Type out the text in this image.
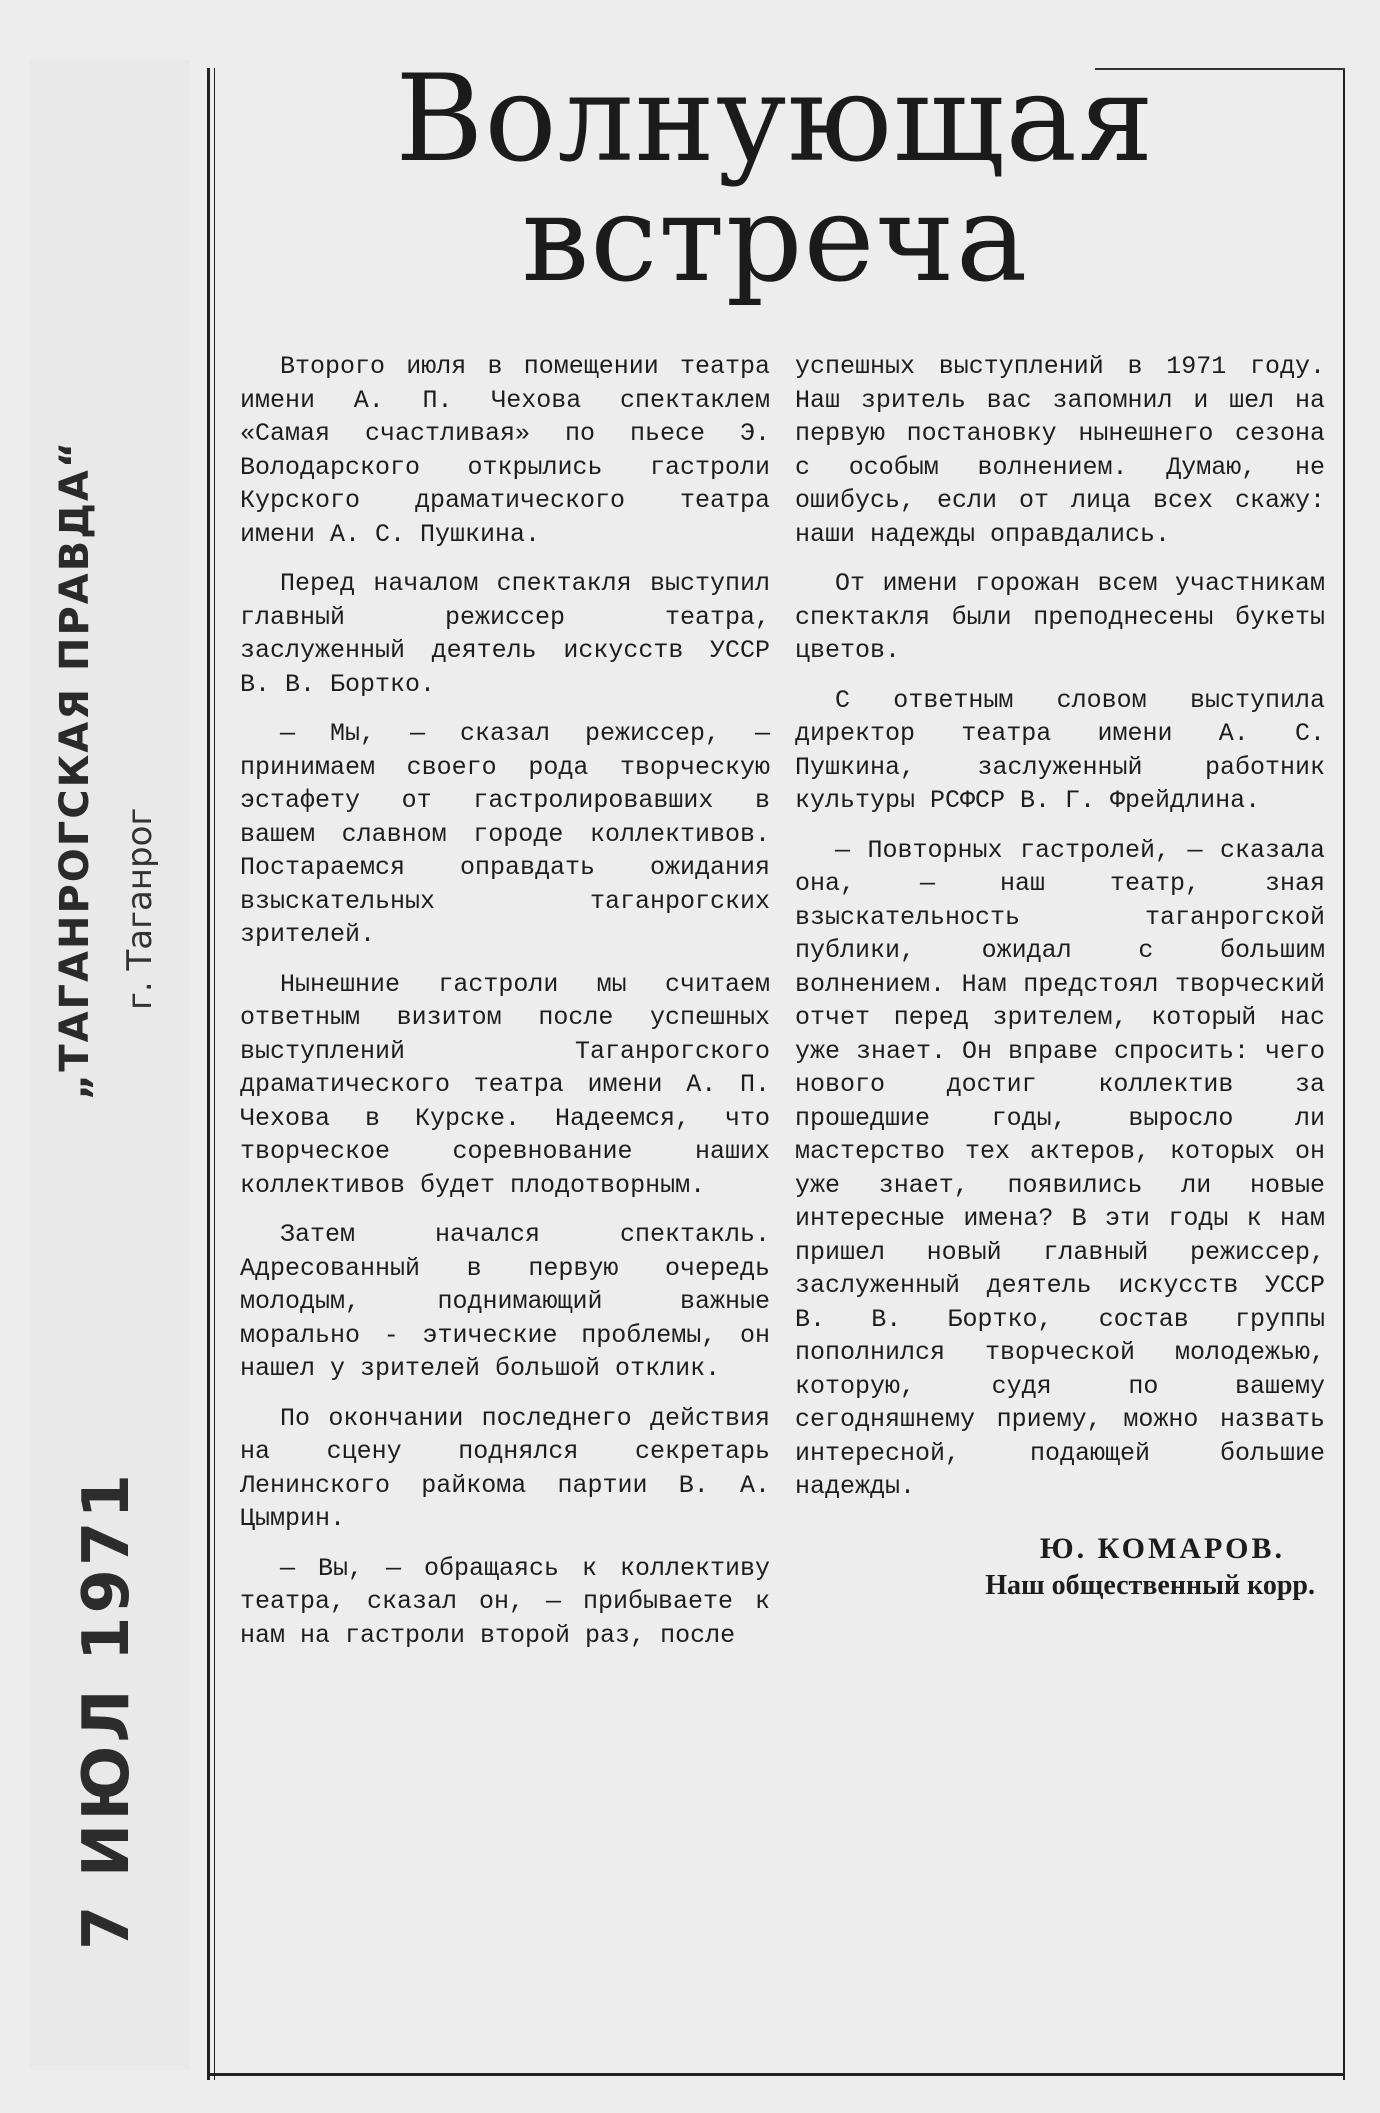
„ТАГАНРОГСКАЯ ПРАВДА“ г. Таганрог
7 ИЮЛ 1971
Волнующая
встреча

Второго июля в помещении театра имени А. П. Чехова спектаклем «Самая счастливая» по пьесе Э. Володарского открылись гастроли Курского драматического театра имени А. С. Пушкина.

Перед началом спектакля выступил главный режиссер театра, заслуженный деятель искусств УССР В. В. Бортко.

— Мы, — сказал режиссер, — принимаем своего рода творческую эстафету от гастролировавших в вашем славном городе коллективов. Постараемся оправдать ожидания взыскательных таганрогских зрителей.

Нынешние гастроли мы считаем ответным визитом после успешных выступлений Таганрогского драматического театра имени А. П. Чехова в Курске. Надеемся, что творческое соревнование наших коллективов будет плодотворным.

Затем начался спектакль. Адресованный в первую очередь молодым, поднимающий важные морально - этические проблемы, он нашел у зрителей большой отклик.

По окончании последнего действия на сцену поднялся секретарь Ленинского райкома партии В. А. Цымрин.

— Вы, — обращаясь к коллективу театра, сказал он, — прибываете к нам на гастроли второй раз, после

успешных выступлений в 1971 году. Наш зритель вас запомнил и шел на первую постановку нынешнего сезона с особым волнением. Думаю, не ошибусь, если от лица всех скажу: наши надежды оправдались.

От имени горожан всем участникам спектакля были преподнесены букеты цветов.

С ответным словом выступила директор театра имени А. С. Пушкина, заслуженный работник культуры РСФСР В. Г. Фрейдлина.

— Повторных гастролей, — сказала она, — наш театр, зная взыскательность таганрогской публики, ожидал с большим волнением. Нам предстоял творческий отчет перед зрителем, который нас уже знает. Он вправе спросить: чего нового достиг коллектив за прошедшие годы, выросло ли мастерство тех актеров, которых он уже знает, появились ли новые интересные имена? В эти годы к нам пришел новый главный режиссер, заслуженный деятель искусств УССР В. В. Бортко, состав группы пополнился творческой молодежью, которую, судя по вашему сегодняшнему приему, можно назвать интересной, подающей большие надежды.

Ю. КОМАРОВ.
Наш общественный корр.
